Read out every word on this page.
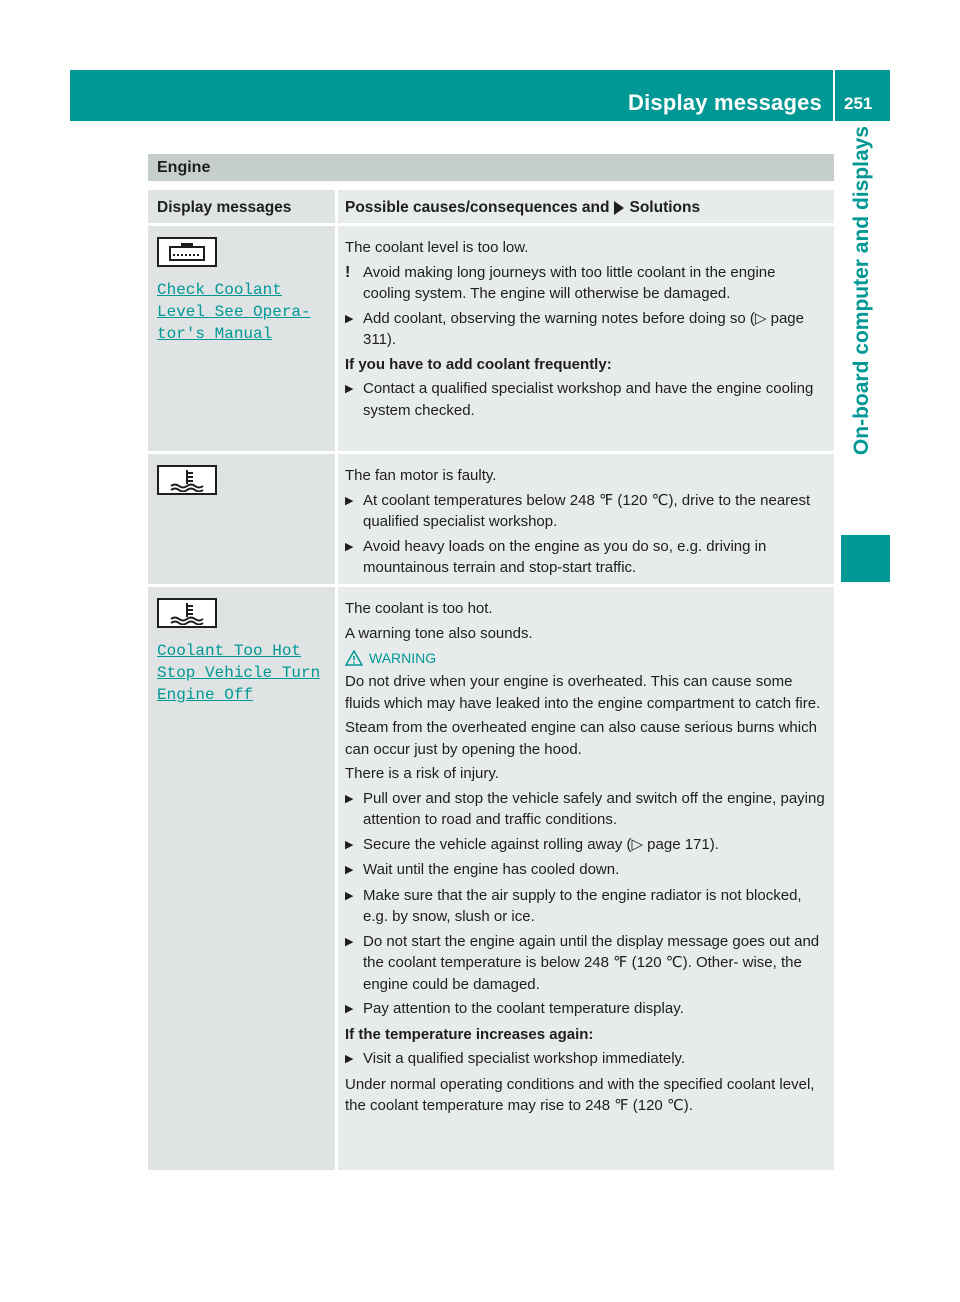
Display messages 251
On-board computer and displays
Engine
Display messages	Possible causes/consequences and Solutions
Check Coolant
Level See Opera‐
tor's Manual
The coolant level is too low.
! Avoid making long journeys with too little coolant in the engine cooling system. The engine will otherwise be damaged.
▶ Add coolant, observing the warning notes before doing so (▷ page 311).
If you have to add coolant frequently:
▶ Contact a qualified specialist workshop and have the engine cooling system checked.
The fan motor is faulty.
▶ At coolant temperatures below 248 ℉ (120 ℃), drive to the nearest qualified specialist workshop.
▶ Avoid heavy loads on the engine as you do so, e.g. driving in mountainous terrain and stop-start traffic.
Coolant Too Hot
Stop Vehicle Turn
Engine Off
The coolant is too hot.
A warning tone also sounds.
WARNING
Do not drive when your engine is overheated. This can cause some fluids which may have leaked into the engine compartment to catch fire.
Steam from the overheated engine can also cause serious burns which can occur just by opening the hood.
There is a risk of injury.
▶ Pull over and stop the vehicle safely and switch off the engine, paying attention to road and traffic conditions.
▶ Secure the vehicle against rolling away (▷ page 171).
▶ Wait until the engine has cooled down.
▶ Make sure that the air supply to the engine radiator is not blocked, e.g. by snow, slush or ice.
▶ Do not start the engine again until the display message goes out and the coolant temperature is below 248 ℉ (120 ℃). Other‐ wise, the engine could be damaged.
▶ Pay attention to the coolant temperature display.
If the temperature increases again:
▶ Visit a qualified specialist workshop immediately.
Under normal operating conditions and with the specified coolant level, the coolant temperature may rise to 248 ℉ (120 ℃).
